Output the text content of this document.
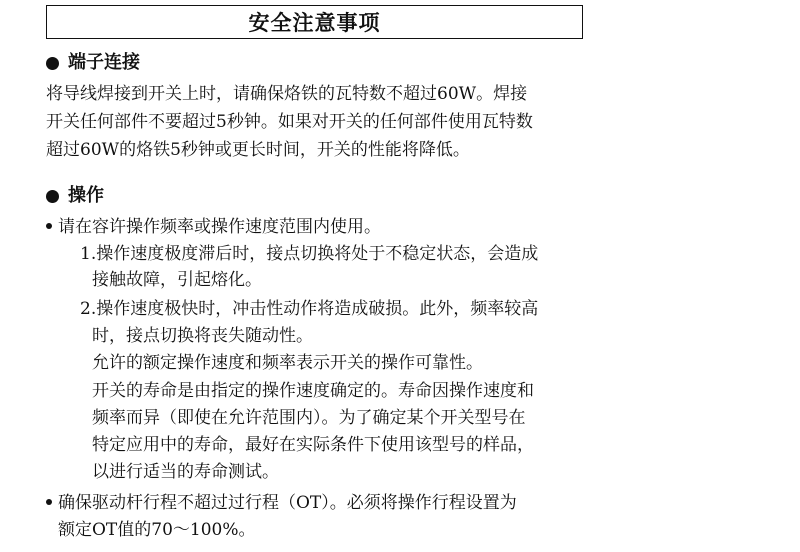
安全注意事项
端子连接
将导线焊接到开关上时，请确保烙铁的瓦特数不超过60W。焊接
开关任何部件不要超过5秒钟。如果对开关的任何部件使用瓦特数
超过60W的烙铁5秒钟或更长时间，开关的性能将降低。
操作
请在容许操作频率或操作速度范围内使用。
1.操作速度极度滞后时，接点切换将处于不稳定状态，会造成
接触故障，引起熔化。
2.操作速度极快时，冲击性动作将造成破损。此外，频率较高
时，接点切换将丧失随动性。
允许的额定操作速度和频率表示开关的操作可靠性。
开关的寿命是由指定的操作速度确定的。寿命因操作速度和
频率而异（即使在允许范围内）。为了确定某个开关型号在
特定应用中的寿命，最好在实际条件下使用该型号的样品，
以进行适当的寿命测试。
确保驱动杆行程不超过过行程（OT）。必须将操作行程设置为
额定OT值的70～100%。
